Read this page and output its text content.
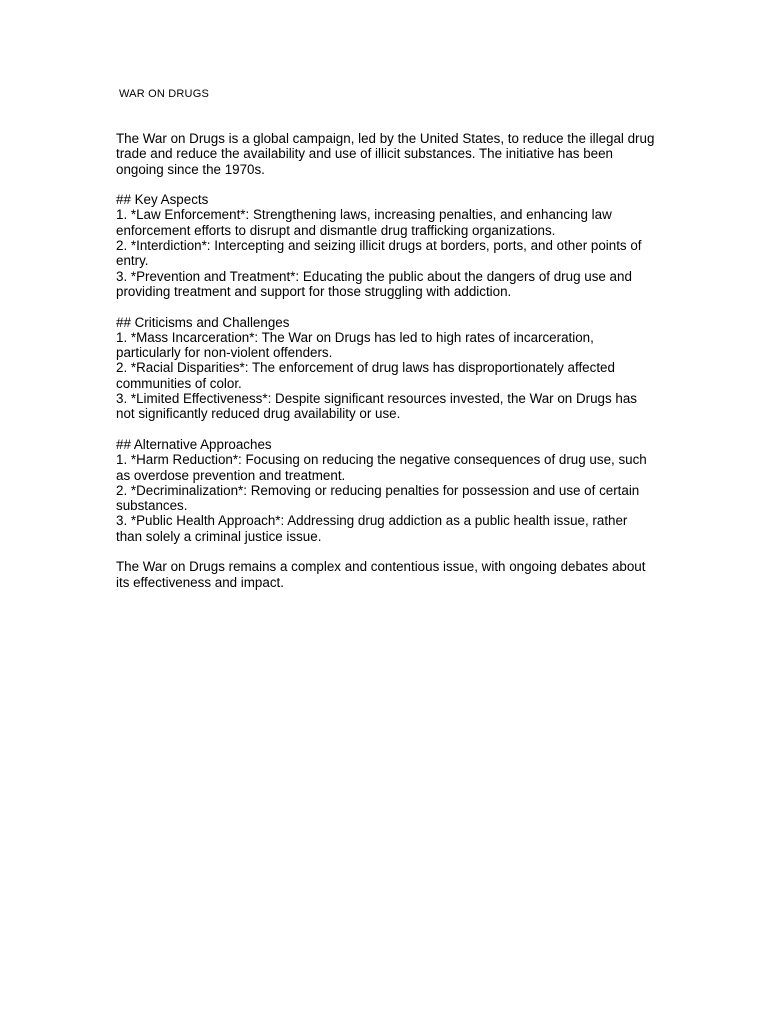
WAR ON DRUGS

The War on Drugs is a global campaign, led by the United States, to reduce the illegal drug trade and reduce the availability and use of illicit substances. The initiative has been ongoing since the 1970s.

## Key Aspects

1. *Law Enforcement*: Strengthening laws, increasing penalties, and enhancing law enforcement efforts to disrupt and dismantle drug trafficking organizations.

2. *Interdiction*: Intercepting and seizing illicit drugs at borders, ports, and other points of entry.

3. *Prevention and Treatment*: Educating the public about the dangers of drug use and providing treatment and support for those struggling with addiction.

## Criticisms and Challenges

1. *Mass Incarceration*: The War on Drugs has led to high rates of incarceration, particularly for non-violent offenders.

2. *Racial Disparities*: The enforcement of drug laws has disproportionately affected communities of color.

3. *Limited Effectiveness*: Despite significant resources invested, the War on Drugs has not significantly reduced drug availability or use.

## Alternative Approaches

1. *Harm Reduction*: Focusing on reducing the negative consequences of drug use, such as overdose prevention and treatment.

2. *Decriminalization*: Removing or reducing penalties for possession and use of certain substances.

3. *Public Health Approach*: Addressing drug addiction as a public health issue, rather than solely a criminal justice issue.

The War on Drugs remains a complex and contentious issue, with ongoing debates about its effectiveness and impact.
